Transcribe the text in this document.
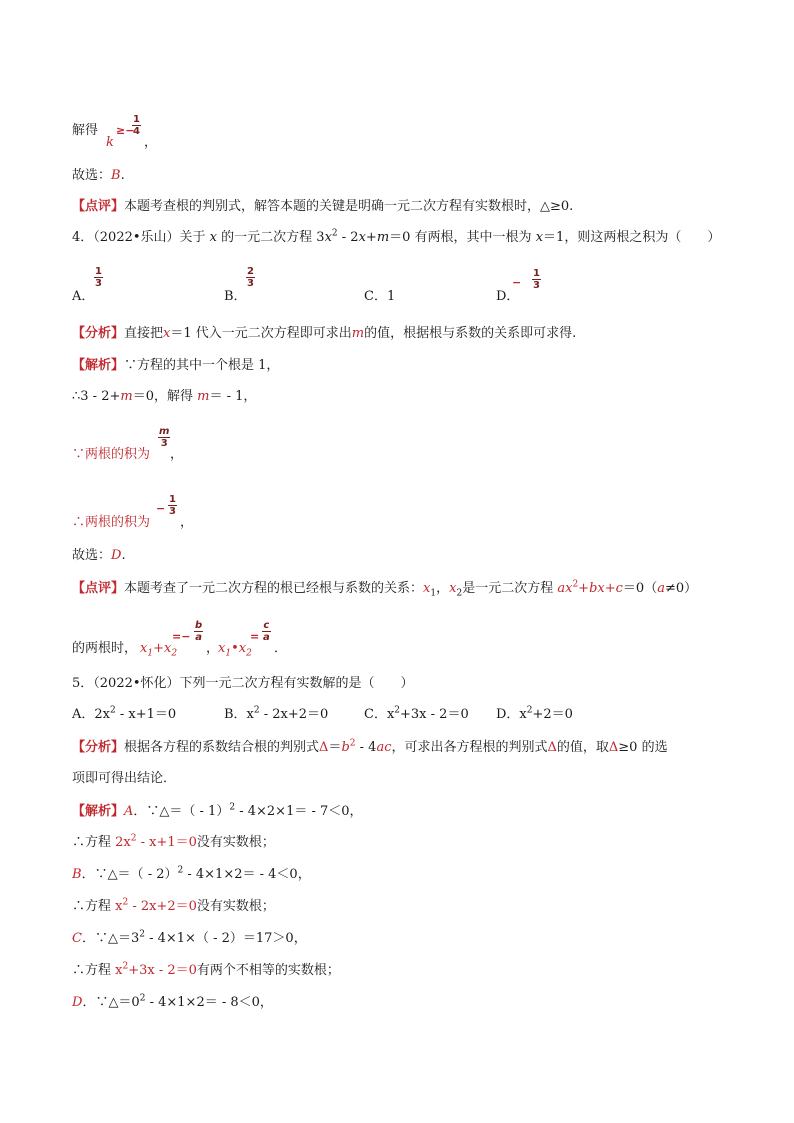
解得
k
≥−
$\frac{1}{4}$
，
故选：B.
【点评】本题考查根的判别式，解答本题的关键是明确一元二次方程有实数根时，△≥0.
4．（2022•乐山）关于 x 的一元二次方程 $3x^2 - 2x+m=0$ 有两根，其中一根为 x＝1，则这两根之积为（　　）
A．
$\frac{1}{3}$
B．
$\frac{2}{3}$
C．1	D．
− $\frac{1}{3}$
【分析】直接把x＝1 代入一元二次方程即可求出m的值，根据根与系数的关系即可求得.
【解析】∵方程的其中一个根是 1，
∴3 - 2+m＝0，解得 m＝ - 1，
∵两根的积为
$\frac{m}{3}$
，
∴两根的积为
− $\frac{1}{3}$
，
故选：D.
【点评】本题考查了一元二次方程的根已经根与系数的关系：$x_1$，$x_2$是一元二次方程 $ax^2+bx+c=0(a\ne 0)$
的两根时， $x_1+x_2$
=− $\frac{b}{a}$
，
$x_1•x_2$
= $\frac{c}{a}$
．
5．（2022•怀化）下列一元二次方程有实数解的是（　　）
A．$2x^2 - x+1=0$	B．$x^2 - 2x+2=0$	C．$x^2+3x - 2=0$ D．$x^2+2=0$
【分析】根据各方程的系数结合根的判别式$\Delta=b^2 - 4ac$，可求出各方程根的判别式Δ的值，取Δ≥0 的选
项即可得出结论．
【解析】A．∵△＝（ - 1）$^2$ - 4×2×1＝ - 7＜0，
∴方程 $2x^2 - x+1=0$没有实数根；
B．∵△＝（ - 2）$^2$ - 4×1×2＝ - 4＜0，
∴方程 $x^2 - 2x+2=0$没有实数根；
C．$\because\triangle=3^2 - 4\times 1\times( - 2)=17>0$，
∴方程 $x^2+3x - 2=0$有两个不相等的实数根；
D．$\because\triangle=0^2 - 4\times 1\times 2= - 8<0$，
